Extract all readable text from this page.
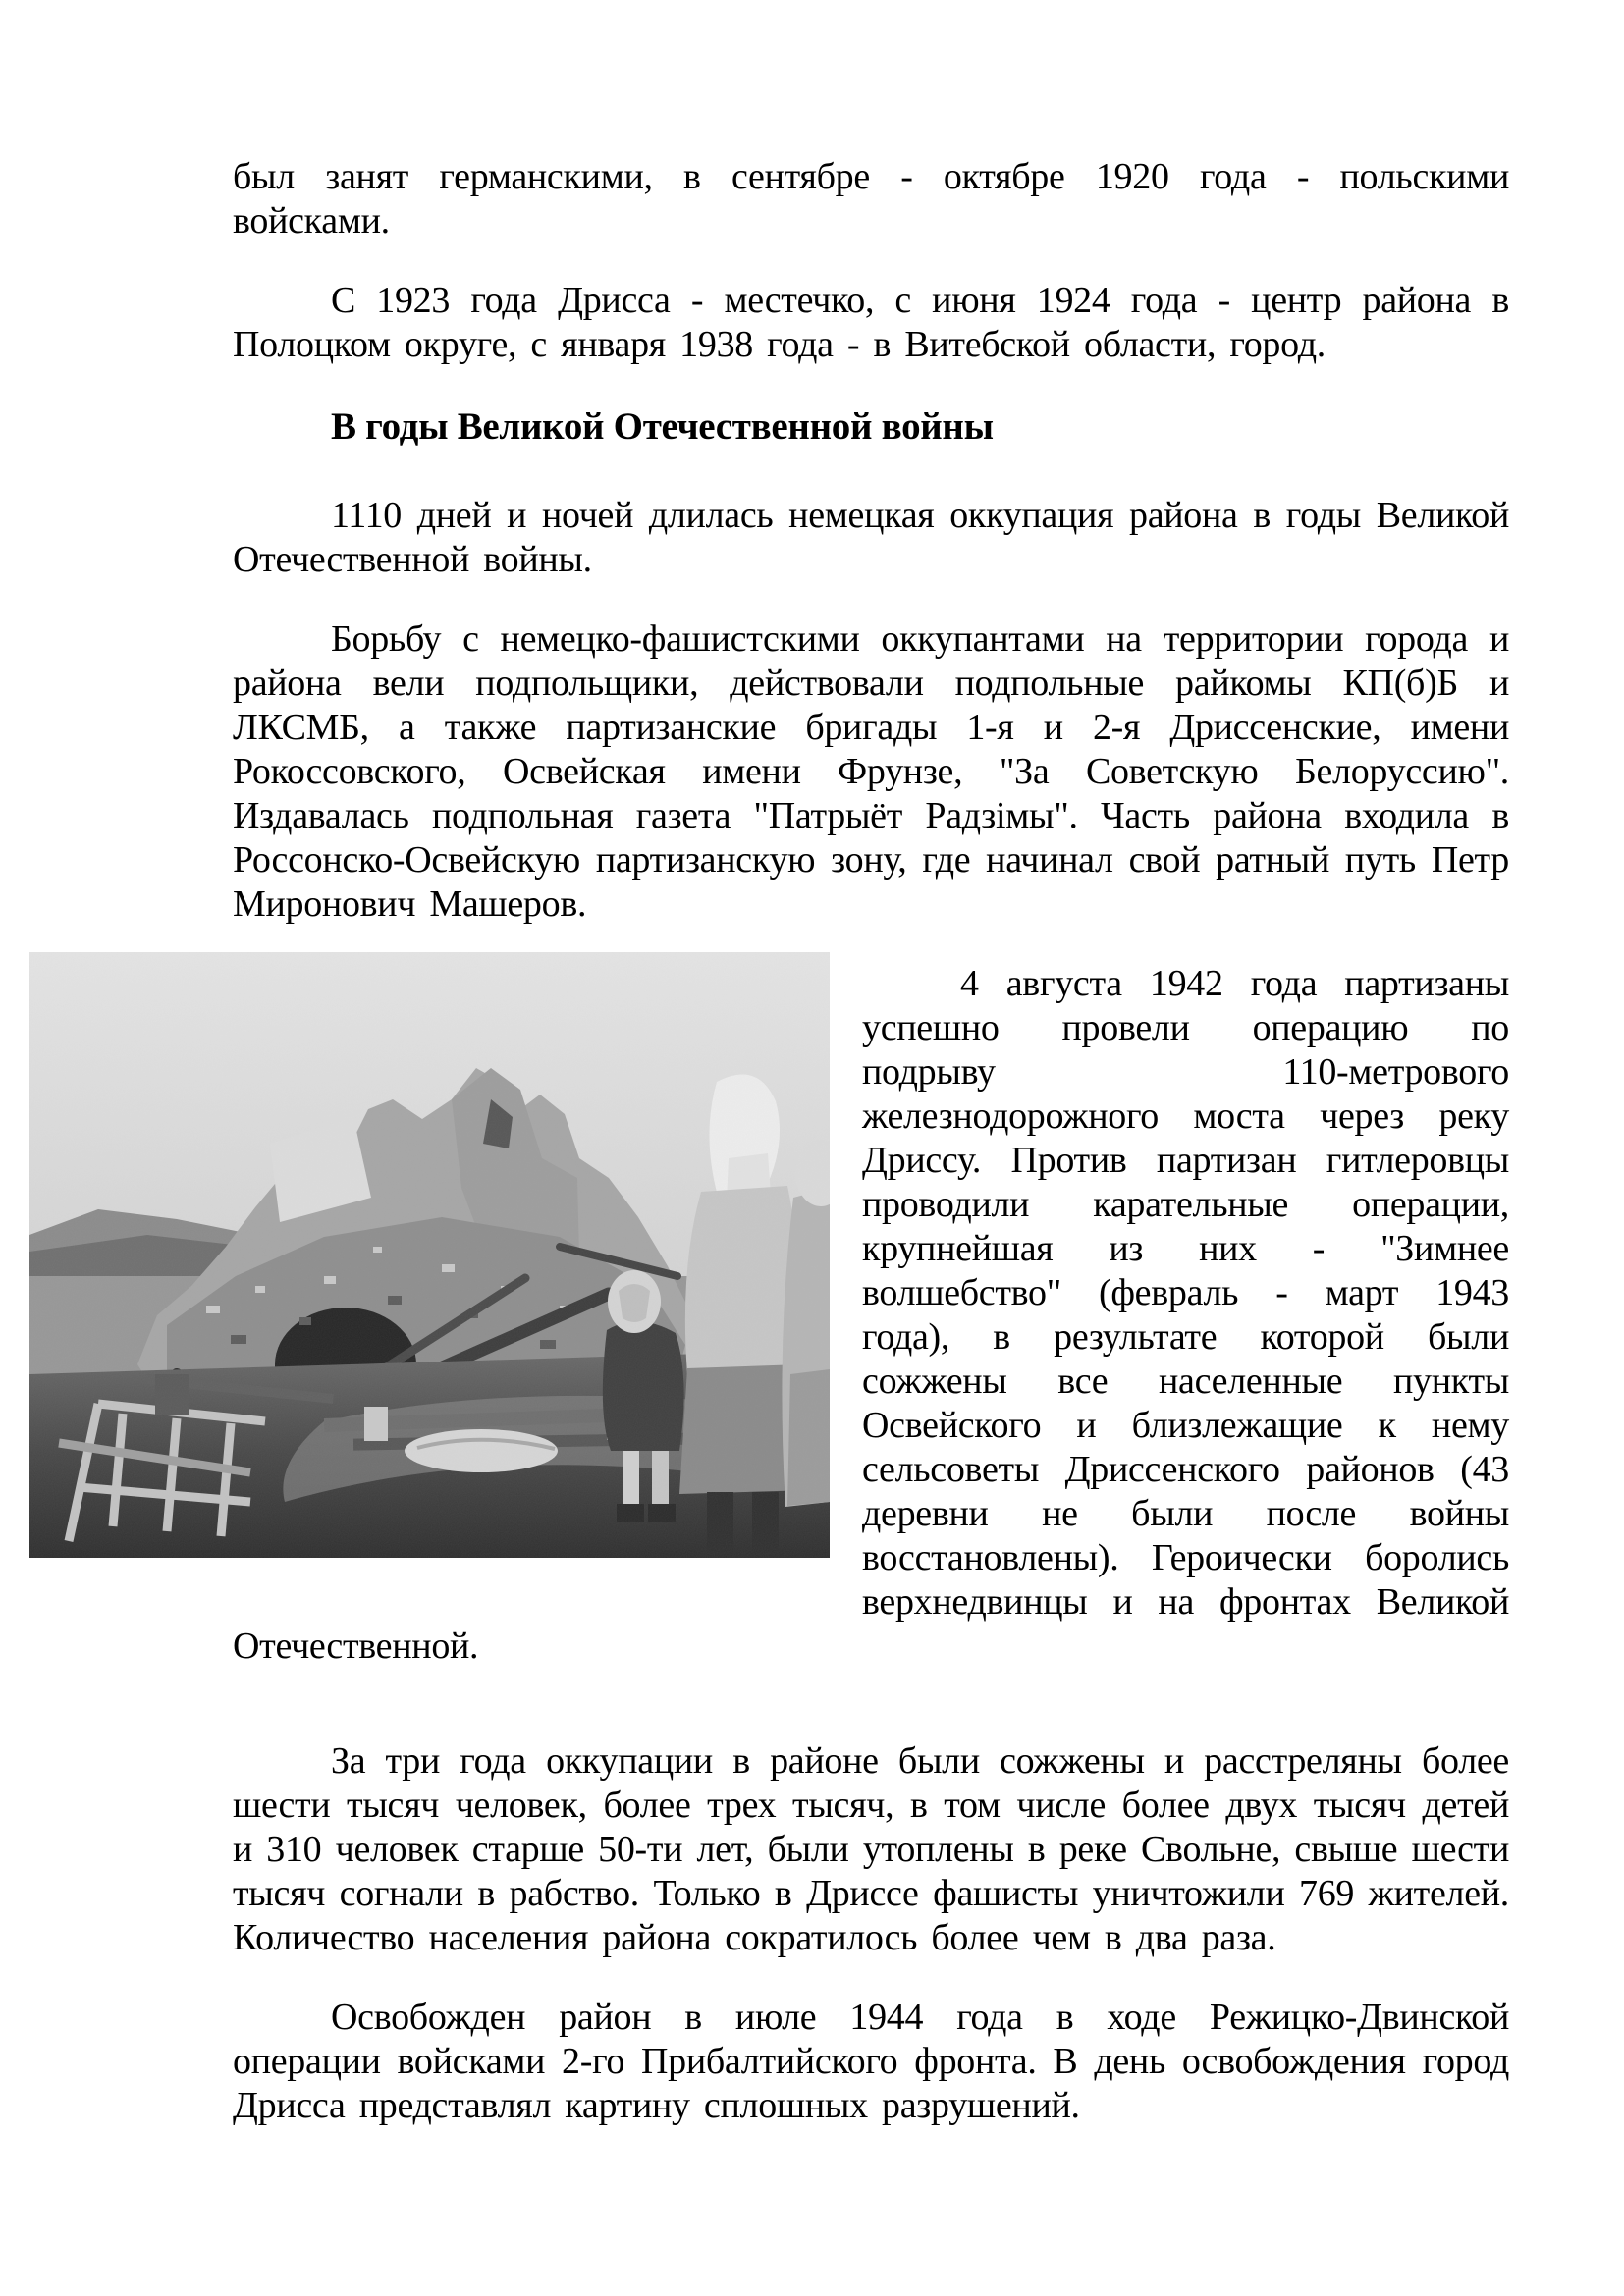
был занят германскими, в сентябре - октябре 1920 года - польскими войсками.

С 1923 года Дрисса - местечко, с июня 1924 года - центр района в Полоцком округе, с января 1938 года - в Витебской области, город.

В годы Великой Отечественной войны

1110 дней и ночей длилась немецкая оккупация района в годы Великой Отечественной войны.

Борьбу с немецко-фашистскими оккупантами на территории города и района вели подпольщики, действовали подпольные райкомы КП(б)Б и ЛКСМБ, а также партизанские бригады 1-я и 2-я Дриссенские, имени Рокоссовского, Освейская имени Фрунзе, "За Советскую Белоруссию". Издавалась подпольная газета "Патрыёт Радзімы". Часть района входила в Россонско-Освейскую партизанскую зону, где начинал свой ратный путь Петр Миронович Машеров.

4 августа 1942 года партизаны успешно провели операцию по подрыву 110-метрового железнодорожного моста через реку Дриссу. Против партизан гитлеровцы проводили карательные операции, крупнейшая из них - "Зимнее волшебство" (февраль - март 1943 года), в результате которой были сожжены все населенные пункты Освейского и близлежащие к нему сельсоветы Дриссенского районов (43 деревни не были после войны восстановлены). Героически боролись верхнедвинцы и на фронтах Великой Отечественной.

За три года оккупации в районе были сожжены и расстреляны более шести тысяч человек, более трех тысяч, в том числе более двух тысяч детей и 310 человек старше 50-ти лет, были утоплены в реке Свольне, свыше шести тысяч согнали в рабство. Только в Дриссе фашисты уничтожили 769 жителей. Количество населения района сократилось более чем в два раза.

Освобожден район в июле 1944 года в ходе Режицко-Двинской операции войсками 2-го Прибалтийского фронта. В день освобождения город Дрисса представлял картину сплошных разрушений.
